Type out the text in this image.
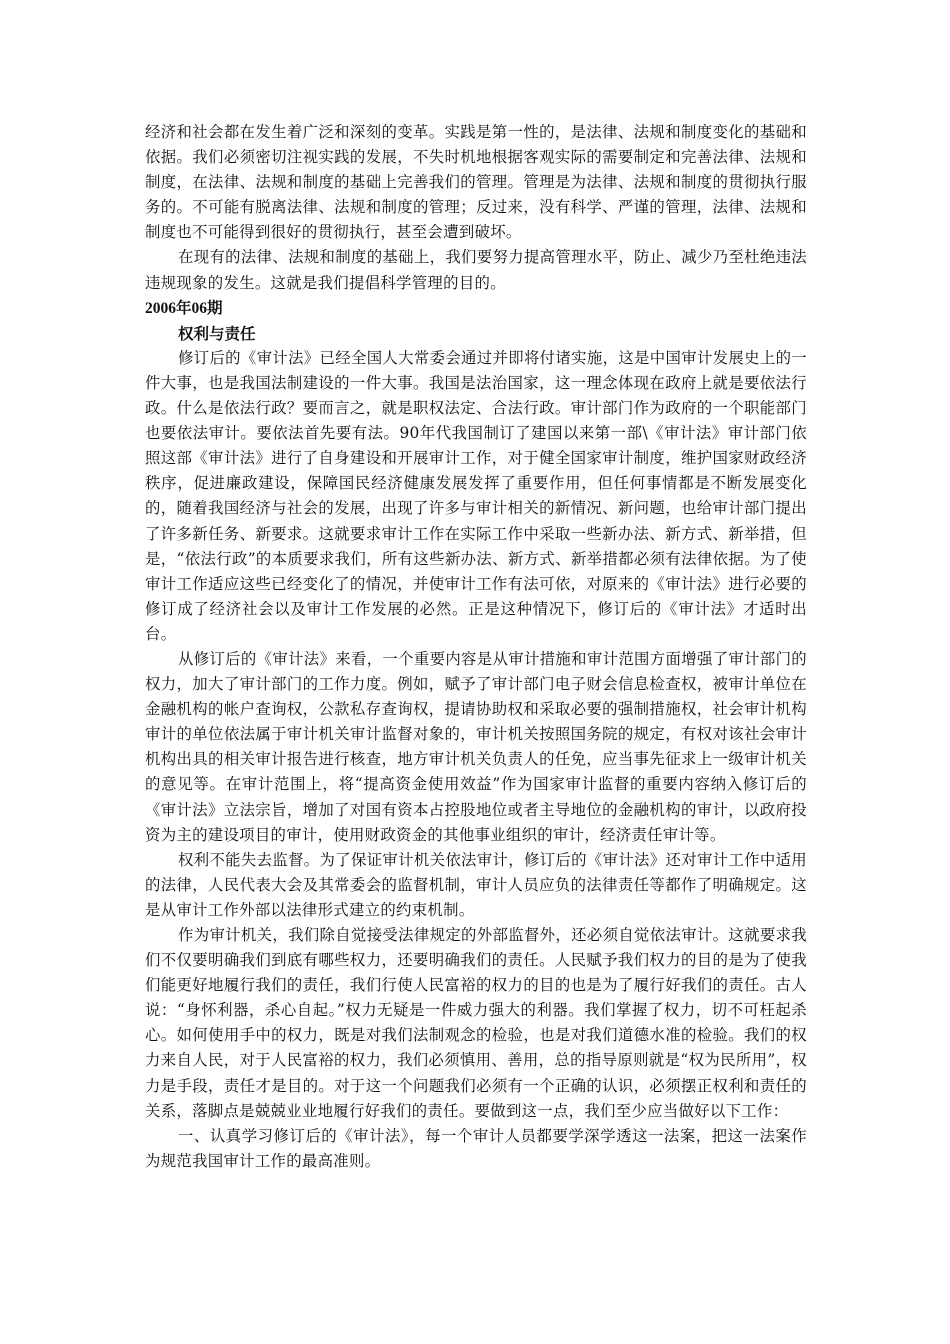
经济和社会都在发生着广泛和深刻的变革。实践是第一性的，是法律、法规和制度变化的基础和依据。我们必须密切注视实践的发展，不失时机地根据客观实际的需要制定和完善法律、法规和制度，在法律、法规和制度的基础上完善我们的管理。管理是为法律、法规和制度的贯彻执行服务的。不可能有脱离法律、法规和制度的管理；反过来，没有科学、严谨的管理，法律、法规和制度也不可能得到很好的贯彻执行，甚至会遭到破坏。

在现有的法律、法规和制度的基础上，我们要努力提高管理水平，防止、减少乃至杜绝违法违规现象的发生。这就是我们提倡科学管理的目的。

2006年06期
权利与责任

修订后的《审计法》已经全国人大常委会通过并即将付诸实施，这是中国审计发展史上的一件大事，也是我国法制建设的一件大事。我国是法治国家，这一理念体现在政府上就是要依法行政。什么是依法行政？要而言之，就是职权法定、合法行政。审计部门作为政府的一个职能部门也要依法审计。要依法首先要有法。90年代我国制订了建国以来第一部\《审计法》审计部门依照这部《审计法》进行了自身建设和开展审计工作，对于健全国家审计制度，维护国家财政经济秩序，促进廉政建设，保障国民经济健康发展发挥了重要作用，但任何事情都是不断发展变化的，随着我国经济与社会的发展，出现了许多与审计相关的新情况、新问题，也给审计部门提出了许多新任务、新要求。这就要求审计工作在实际工作中采取一些新办法、新方式、新举措，但是，“依法行政”的本质要求我们，所有这些新办法、新方式、新举措都必须有法律依据。为了使审计工作适应这些已经变化了的情况，并使审计工作有法可依，对原来的《审计法》进行必要的修订成了经济社会以及审计工作发展的必然。正是这种情况下，修订后的《审计法》才适时出台。

从修订后的《审计法》来看，一个重要内容是从审计措施和审计范围方面增强了审计部门的权力，加大了审计部门的工作力度。例如，赋予了审计部门电子财会信息检查权，被审计单位在金融机构的帐户查询权，公款私存查询权，提请协助权和采取必要的强制措施权，社会审计机构审计的单位依法属于审计机关审计监督对象的，审计机关按照国务院的规定，有权对该社会审计机构出具的相关审计报告进行核查，地方审计机关负责人的任免，应当事先征求上一级审计机关的意见等。在审计范围上，将“提高资金使用效益”作为国家审计监督的重要内容纳入修订后的《审计法》立法宗旨，增加了对国有资本占控股地位或者主导地位的金融机构的审计，以政府投资为主的建设项目的审计，使用财政资金的其他事业组织的审计，经济责任审计等。

权利不能失去监督。为了保证审计机关依法审计，修订后的《审计法》还对审计工作中适用的法律，人民代表大会及其常委会的监督机制，审计人员应负的法律责任等都作了明确规定。这是从审计工作外部以法律形式建立的约束机制。

作为审计机关，我们除自觉接受法律规定的外部监督外，还必须自觉依法审计。这就要求我们不仅要明确我们到底有哪些权力，还要明确我们的责任。人民赋予我们权力的目的是为了使我们能更好地履行我们的责任，我们行使人民富裕的权力的目的也是为了履行好我们的责任。古人说：“身怀利器，杀心自起。”权力无疑是一件威力强大的利器。我们掌握了权力，切不可枉起杀心。如何使用手中的权力，既是对我们法制观念的检验，也是对我们道德水准的检验。我们的权力来自人民，对于人民富裕的权力，我们必须慎用、善用，总的指导原则就是“权为民所用”，权力是手段，责任才是目的。对于这一个问题我们必须有一个正确的认识，必须摆正权利和责任的关系，落脚点是兢兢业业地履行好我们的责任。要做到这一点，我们至少应当做好以下工作：

一、认真学习修订后的《审计法》，每一个审计人员都要学深学透这一法案，把这一法案作为规范我国审计工作的最高准则。
